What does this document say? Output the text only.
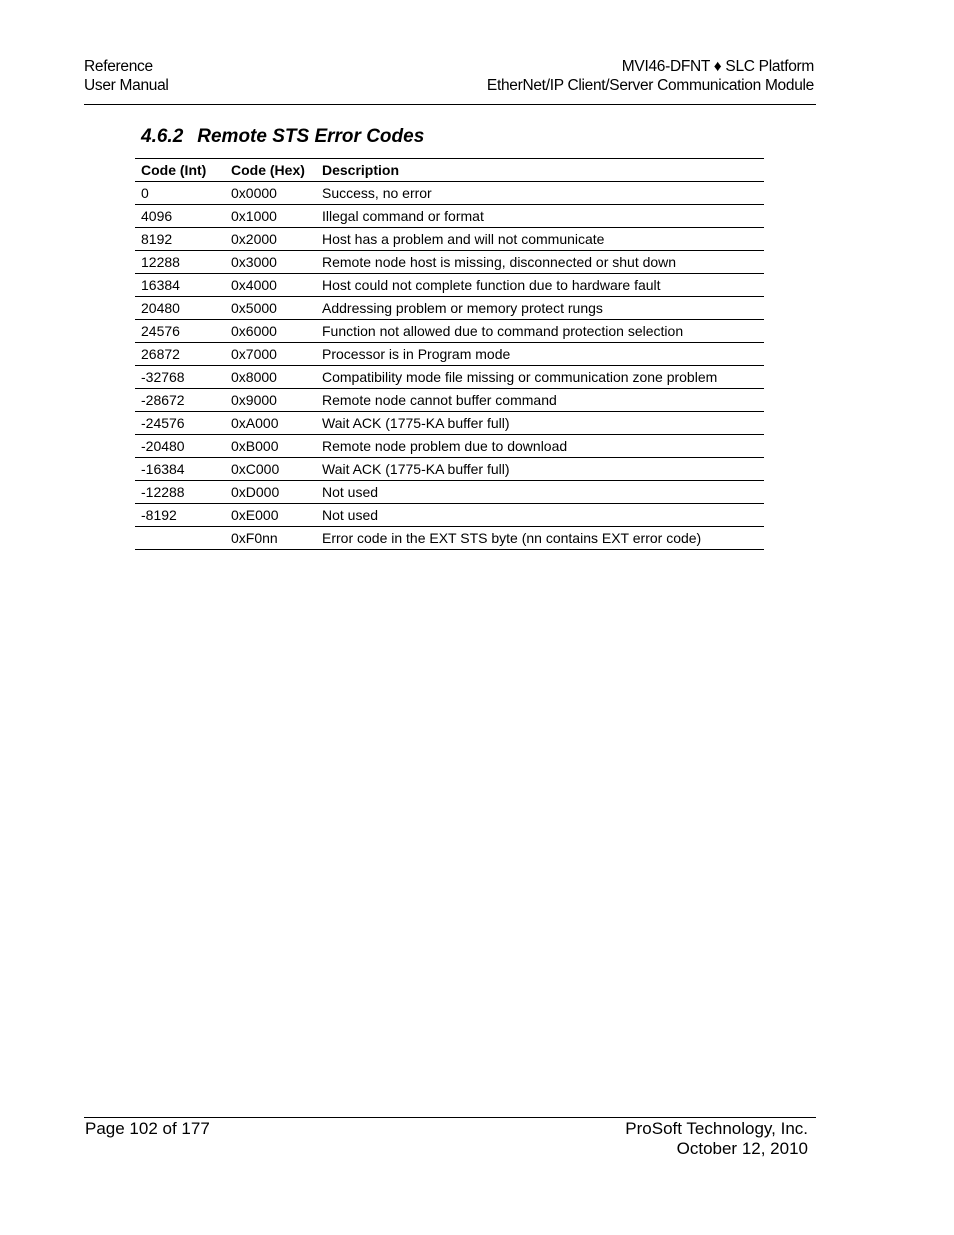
Reference
User Manual
MVI46-DFNT ♦ SLC Platform
EtherNet/IP Client/Server Communication Module
4.6.2 Remote STS Error Codes
Code (Int)	Code (Hex)	Description
0	0x0000	Success, no error
4096	0x1000	Illegal command or format
8192	0x2000	Host has a problem and will not communicate
12288	0x3000	Remote node host is missing, disconnected or shut down
16384	0x4000	Host could not complete function due to hardware fault
20480	0x5000	Addressing problem or memory protect rungs
24576	0x6000	Function not allowed due to command protection selection
26872	0x7000	Processor is in Program mode
-32768	0x8000	Compatibility mode file missing or communication zone problem
-28672	0x9000	Remote node cannot buffer command
-24576	0xA000	Wait ACK (1775-KA buffer full)
-20480	0xB000	Remote node problem due to download
-16384	0xC000	Wait ACK (1775-KA buffer full)
-12288	0xD000	Not used
-8192	0xE000	Not used
	0xF0nn	Error code in the EXT STS byte (nn contains EXT error code)
Page 102 of 177	ProSoft Technology, Inc.
October 12, 2010
